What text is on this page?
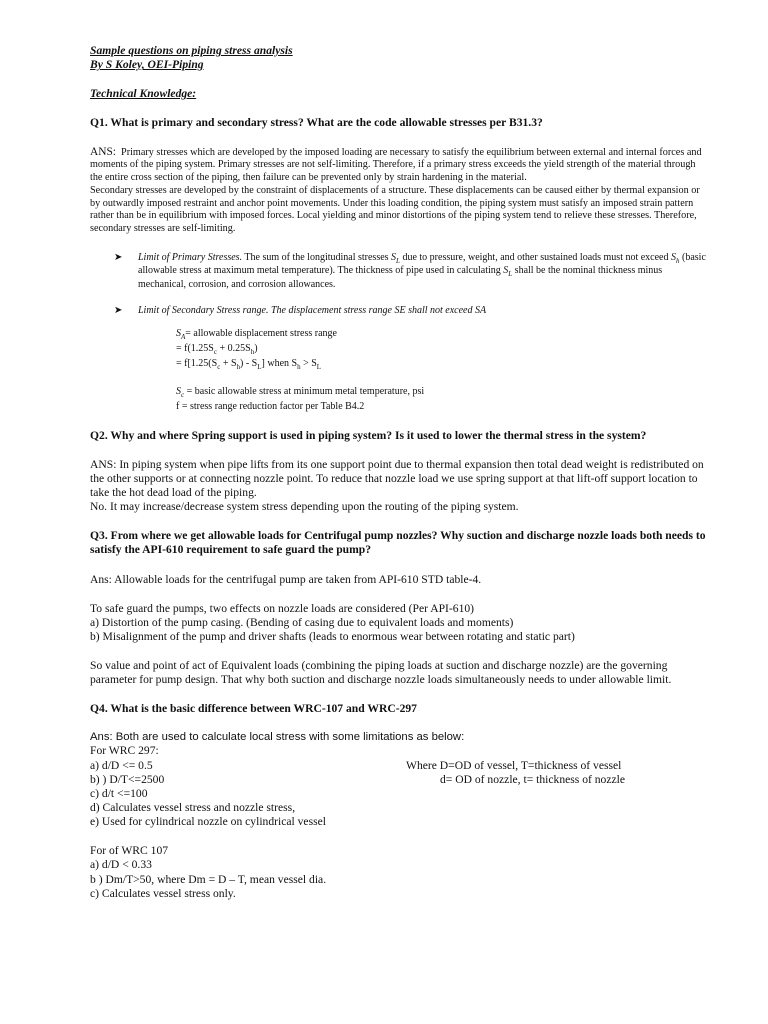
Sample questions on piping stress analysis

By S Koley, OEI-Piping

Technical Knowledge:

Q1. What is primary and secondary stress? What are the code allowable stresses per B31.3?

ANS: Primary stresses which are developed by the imposed loading are necessary to satisfy the equilibrium between external and internal forces and moments of the piping system. Primary stresses are not self-limiting. Therefore, if a primary stress exceeds the yield strength of the material through the entire cross section of the piping, then failure can be prevented only by strain hardening in the material.

Secondary stresses are developed by the constraint of displacements of a structure. These displacements can be caused either by thermal expansion or by outwardly imposed restraint and anchor point movements. Under this loading condition, the piping system must satisfy an imposed strain pattern rather than be in equilibrium with imposed forces. Local yielding and minor distortions of the piping system tend to relieve these stresses. Therefore, secondary stresses are self-limiting.

➤ Limit of Primary Stresses. The sum of the longitudinal stresses $S_L$ due to pressure, weight, and other sustained loads must not exceed $S_h$ (basic allowable stress at maximum metal temperature). The thickness of pipe used in calculating $S_L$ shall be the nominal thickness minus mechanical, corrosion, and corrosion allowances.
➤ Limit of Secondary Stress range. The displacement stress range SE shall not exceed SA

$S_A=$ allowable displacement stress range

= $f(1.25S_c + 0.25S_h)$

= $f[1.25(S_c + S_h) - S_L]$ when $S_h > S_L$

$S_c$ = basic allowable stress at minimum metal temperature, psi

f = stress range reduction factor per Table B4.2

Q2. Why and where Spring support is used in piping system? Is it used to lower the thermal stress in the system?

ANS: In piping system when pipe lifts from its one support point due to thermal expansion then total dead weight is redistributed on the other supports or at connecting nozzle point. To reduce that nozzle load we use spring support at that lift-off support location to take the hot dead load of the piping.

No. It may increase/decrease system stress depending upon the routing of the piping system.

Q3. From where we get allowable loads for Centrifugal pump nozzles? Why suction and discharge nozzle loads both needs to satisfy the API-610 requirement to safe guard the pump?

Ans: Allowable loads for the centrifugal pump are taken from API-610 STD table-4.

To safe guard the pumps, two effects on nozzle loads are considered (Per API-610)

a) Distortion of the pump casing. (Bending of casing due to equivalent loads and moments)

b) Misalignment of the pump and driver shafts (leads to enormous wear between rotating and static part)

So value and point of act of Equivalent loads (combining the piping loads at suction and discharge nozzle) are the governing parameter for pump design. That why both suction and discharge nozzle loads simultaneously needs to under allowable limit.

Q4. What is the basic difference between WRC-107 and WRC-297

Ans: Both are used to calculate local stress with some limitations as below:

For WRC 297:

a) d/D <= 0.5	Where D=OD of vessel, T=thickness of vessel
b) ) D/T<=2500	d= OD of nozzle, t= thickness of nozzle

c) d/t <=100

d) Calculates vessel stress and nozzle stress,

e) Used for cylindrical nozzle on cylindrical vessel

For of WRC 107

a) d/D < 0.33

b ) Dm/T>50, where Dm = D – T, mean vessel dia.

c) Calculates vessel stress only.
